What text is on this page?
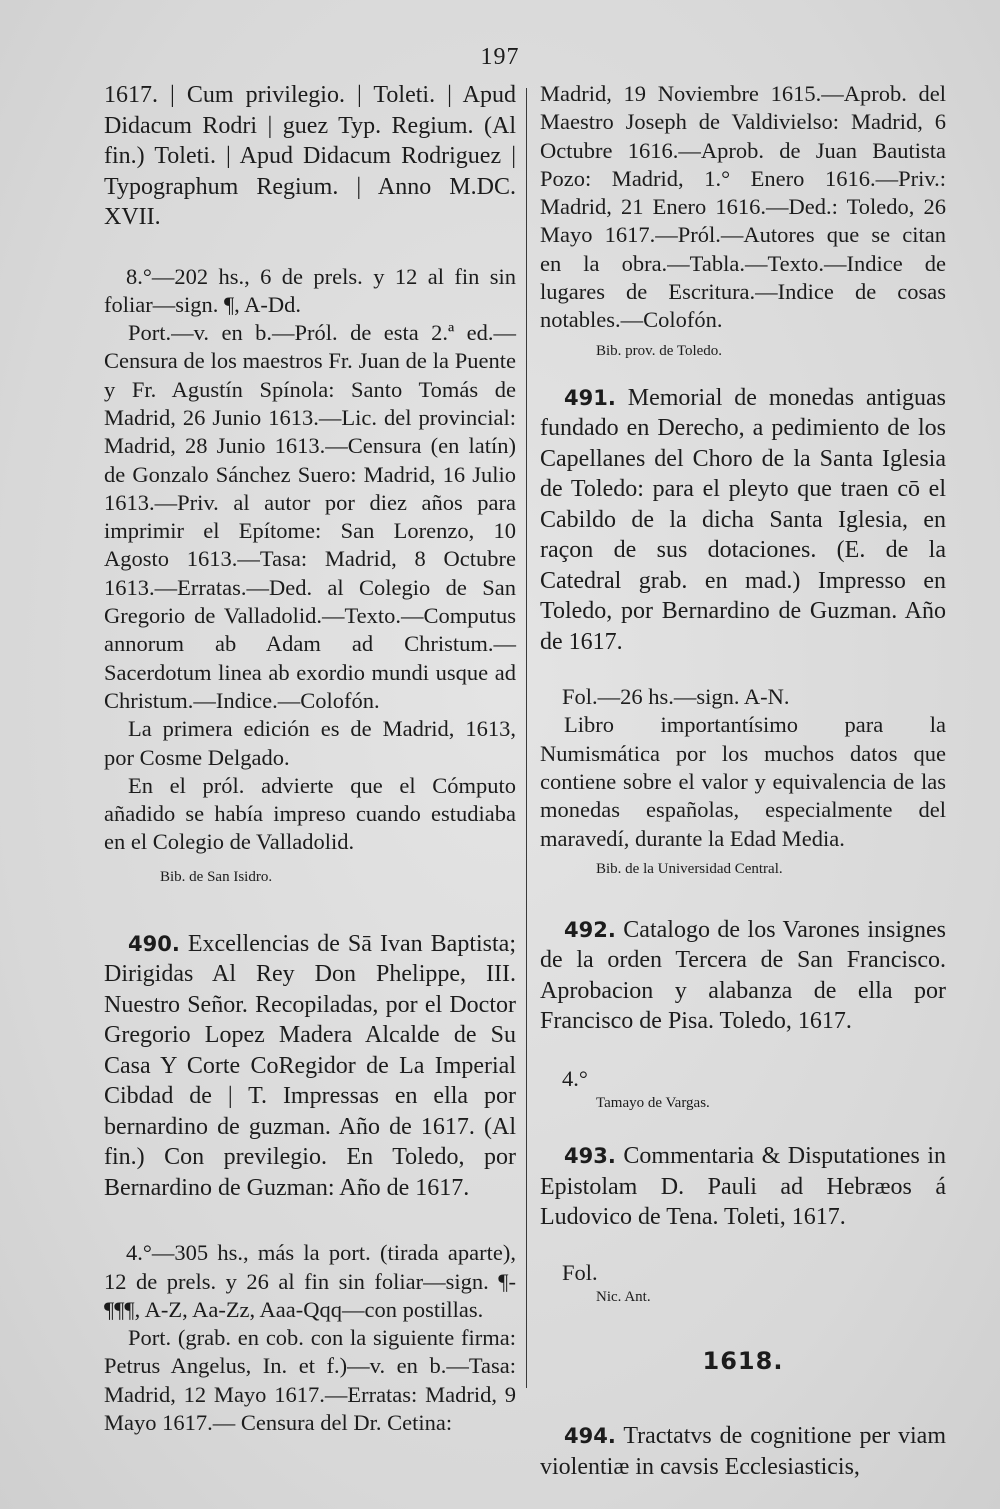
197

1617. | Cum privilegio. | Toleti. | Apud Didacum Rodri | guez Typ. Regium. (Al fin.) Toleti. | Apud Didacum Rodriguez | Typographum Regium. | Anno M.DC. XVII.

8.°—202 hs., 6 de prels. y 12 al fin sin foliar—sign. ¶, A-Dd.

Port.—v. en b.—Pról. de esta 2.ª ed.—Censura de los maestros Fr. Juan de la Puente y Fr. Agustín Spínola: Santo Tomás de Madrid, 26 Junio 1613.—Lic. del provincial: Madrid, 28 Junio 1613.—Censura (en latín) de Gonzalo Sánchez Suero: Madrid, 16 Julio 1613.—Priv. al autor por diez años para imprimir el Epítome: San Lorenzo, 10 Agosto 1613.—Tasa: Madrid, 8 Octubre 1613.—Erratas.—Ded. al Colegio de San Gregorio de Valladolid.—Texto.—Computus annorum ab Adam ad Christum.—Sacerdotum linea ab exordio mundi usque ad Christum.—Indice.—Colofón.

La primera edición es de Madrid, 1613, por Cosme Delgado.

En el pról. advierte que el Cómputo añadido se había impreso cuando estudiaba en el Colegio de Valladolid.

Bib. de San Isidro.

490. Excellencias de Sā Ivan Baptista; Dirigidas Al Rey Don Phelippe, III. Nuestro Señor. Recopiladas, por el Doctor Gregorio Lopez Madera Alcalde de Su Casa Y Corte CoRegidor de La Imperial Cibdad de | T. Impressas en ella por bernardino de guzman. Año de 1617. (Al fin.) Con previlegio. En Toledo, por Bernardino de Guzman: Año de 1617.

4.°—305 hs., más la port. (tirada aparte), 12 de prels. y 26 al fin sin foliar—sign. ¶-¶¶¶, A-Z, Aa-Zz, Aaa-Qqq—con postillas.

Port. (grab. en cob. con la siguiente firma: Petrus Angelus, In. et f.)—v. en b.—Tasa: Madrid, 12 Mayo 1617.—Erratas: Madrid, 9 Mayo 1617.— Censura del Dr. Cetina:

Madrid, 19 Noviembre 1615.—Aprob. del Maestro Joseph de Valdivielso: Madrid, 6 Octubre 1616.—Aprob. de Juan Bautista Pozo: Madrid, 1.° Enero 1616.—Priv.: Madrid, 21 Enero 1616.—Ded.: Toledo, 26 Mayo 1617.—Pról.—Autores que se citan en la obra.—Tabla.—Texto.—Indice de lugares de Escritura.—Indice de cosas notables.—Colofón.

Bib. prov. de Toledo.

491. Memorial de monedas antiguas fundado en Derecho, a pedimiento de los Capellanes del Choro de la Santa Iglesia de Toledo: para el pleyto que traen cō el Cabildo de la dicha Santa Iglesia, en raçon de sus dotaciones. (E. de la Catedral grab. en mad.) Impresso en Toledo, por Bernardino de Guzman. Año de 1617.

Fol.—26 hs.—sign. A-N.

Libro importantísimo para la Numismática por los muchos datos que contiene sobre el valor y equivalencia de las monedas españolas, especialmente del maravedí, durante la Edad Media.

Bib. de la Universidad Central.

492. Catalogo de los Varones insignes de la orden Tercera de San Francisco. Aprobacion y alabanza de ella por Francisco de Pisa. Toledo, 1617.

4.°

Tamayo de Vargas.

493. Commentaria & Disputationes in Epistolam D. Pauli ad Hebræos á Ludovico de Tena. Toleti, 1617.

Fol.

Nic. Ant.

1618.

494. Tractatvs de cognitione per viam violentiæ in cavsis Ecclesiasticis,
